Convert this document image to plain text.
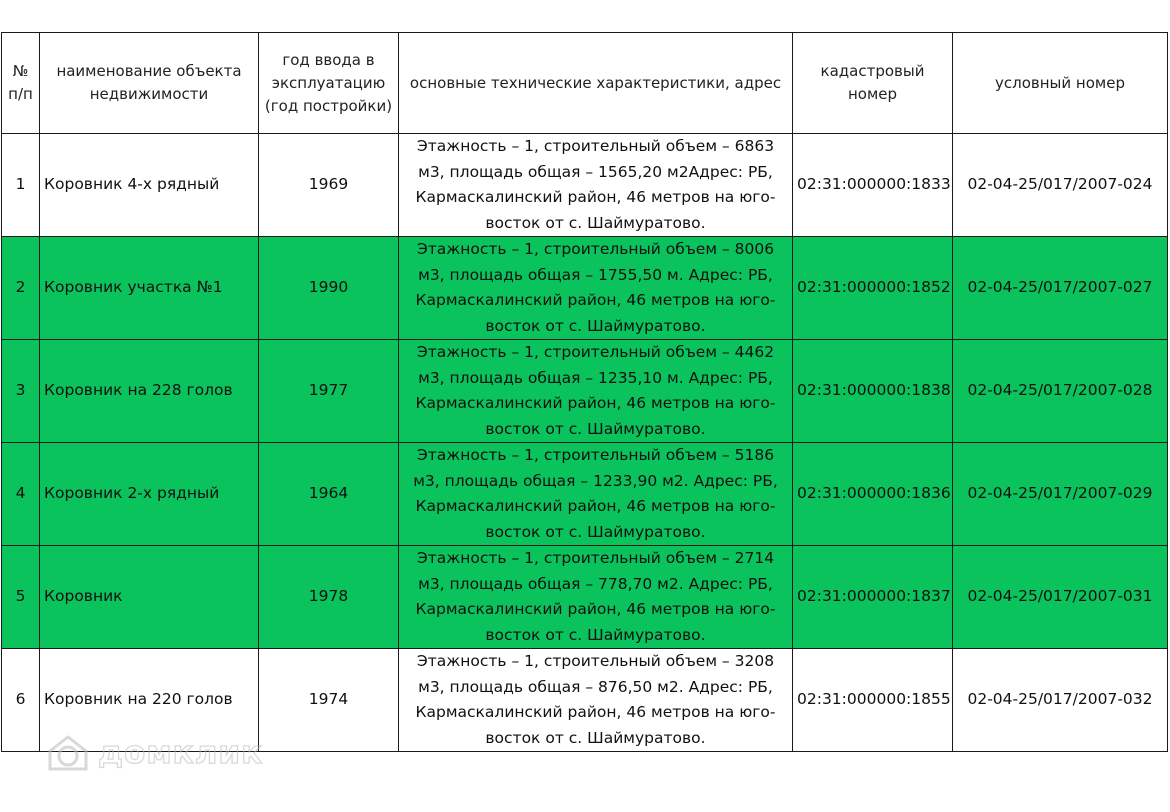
№ п/п	наименование объекта недвижимости	год ввода в эксплуатацию (год постройки)	основные технические характеристики, адрес	кадастровый номер	условный номер
1	Коровник 4-х рядный	1969	Этажность – 1, строительный объем – 6863 м3, площадь общая – 1565,20 м2Адрес: РБ, Кармаскалинский район, 46 метров на юго-восток от с. Шаймуратово.	02:31:000000:1833	02-04-25/017/2007-024
2	Коровник участка №1	1990	Этажность – 1, строительный объем – 8006 м3, площадь общая – 1755,50 м. Адрес: РБ, Кармаскалинский район, 46 метров на юго-восток от с. Шаймуратово.	02:31:000000:1852	02-04-25/017/2007-027
3	Коровник на 228 голов	1977	Этажность – 1, строительный объем – 4462 м3, площадь общая – 1235,10 м. Адрес: РБ, Кармаскалинский район, 46 метров на юго-восток от с. Шаймуратово.	02:31:000000:1838	02-04-25/017/2007-028
4	Коровник 2-х рядный	1964	Этажность – 1, строительный объем – 5186 м3, площадь общая – 1233,90 м2. Адрес: РБ, Кармаскалинский район, 46 метров на юго-восток от с. Шаймуратово.	02:31:000000:1836	02-04-25/017/2007-029
5	Коровник	1978	Этажность – 1, строительный объем – 2714 м3, площадь общая – 778,70 м2. Адрес: РБ, Кармаскалинский район, 46 метров на юго-восток от с. Шаймуратово.	02:31:000000:1837	02-04-25/017/2007-031
6	Коровник на 220 голов	1974	Этажность – 1, строительный объем – 3208 м3, площадь общая – 876,50 м2. Адрес: РБ, Кармаскалинский район, 46 метров на юго-восток от с. Шаймуратово.	02:31:000000:1855	02-04-25/017/2007-032
домклик
